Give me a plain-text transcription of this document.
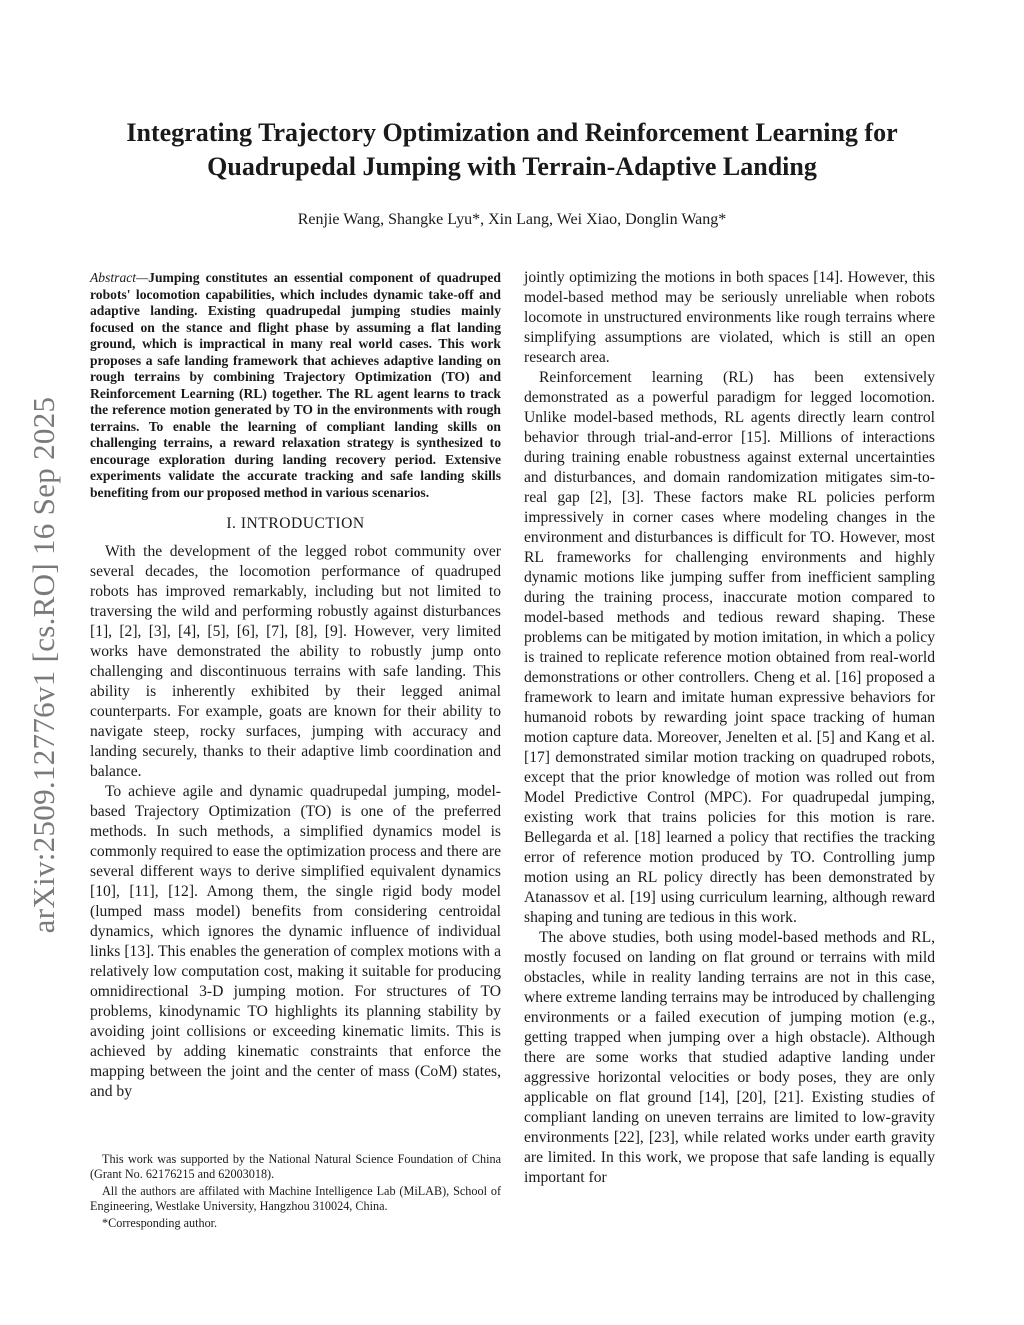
arXiv:2509.12776v1 [cs.RO] 16 Sep 2025
Integrating Trajectory Optimization and Reinforcement Learning for
Quadrupedal Jumping with Terrain-Adaptive Landing
Renjie Wang, Shangke Lyu*, Xin Lang, Wei Xiao, Donglin Wang*

Abstract—Jumping constitutes an essential component of quadruped robots' locomotion capabilities, which includes dynamic take-off and adaptive landing. Existing quadrupedal jumping studies mainly focused on the stance and flight phase by assuming a flat landing ground, which is impractical in many real world cases. This work proposes a safe landing framework that achieves adaptive landing on rough terrains by combining Trajectory Optimization (TO) and Reinforcement Learning (RL) together. The RL agent learns to track the reference motion generated by TO in the environments with rough terrains. To enable the learning of compliant landing skills on challenging terrains, a reward relaxation strategy is synthesized to encourage exploration during landing recovery period. Extensive experiments validate the accurate tracking and safe landing skills benefiting from our proposed method in various scenarios.

I. INTRODUCTION

With the development of the legged robot community over several decades, the locomotion performance of quadruped robots has improved remarkably, including but not limited to traversing the wild and performing robustly against disturbances [1], [2], [3], [4], [5], [6], [7], [8], [9]. However, very limited works have demonstrated the ability to robustly jump onto challenging and discontinuous terrains with safe landing. This ability is inherently exhibited by their legged animal counterparts. For example, goats are known for their ability to navigate steep, rocky surfaces, jumping with accuracy and landing securely, thanks to their adaptive limb coordination and balance.

To achieve agile and dynamic quadrupedal jumping, model-based Trajectory Optimization (TO) is one of the preferred methods. In such methods, a simplified dynamics model is commonly required to ease the optimization process and there are several different ways to derive simplified equivalent dynamics [10], [11], [12]. Among them, the single rigid body model (lumped mass model) benefits from considering centroidal dynamics, which ignores the dynamic influence of individual links [13]. This enables the generation of complex motions with a relatively low computation cost, making it suitable for producing omnidirectional 3-D jumping motion. For structures of TO problems, kinodynamic TO highlights its planning stability by avoiding joint collisions or exceeding kinematic limits. This is achieved by adding kinematic constraints that enforce the mapping between the joint and the center of mass (CoM) states, and by

This work was supported by the National Natural Science Foundation of China (Grant No. 62176215 and 62003018).

All the authors are affilated with Machine Intelligence Lab (MiLAB), School of Engineering, Westlake University, Hangzhou 310024, China.

*Corresponding author.

jointly optimizing the motions in both spaces [14]. However, this model-based method may be seriously unreliable when robots locomote in unstructured environments like rough terrains where simplifying assumptions are violated, which is still an open research area.

Reinforcement learning (RL) has been extensively demonstrated as a powerful paradigm for legged locomotion. Unlike model-based methods, RL agents directly learn control behavior through trial-and-error [15]. Millions of interactions during training enable robustness against external uncertainties and disturbances, and domain randomization mitigates sim-to-real gap [2], [3]. These factors make RL policies perform impressively in corner cases where modeling changes in the environment and disturbances is difficult for TO. However, most RL frameworks for challenging environments and highly dynamic motions like jumping suffer from inefficient sampling during the training process, inaccurate motion compared to model-based methods and tedious reward shaping. These problems can be mitigated by motion imitation, in which a policy is trained to replicate reference motion obtained from real-world demonstrations or other controllers. Cheng et al. [16] proposed a framework to learn and imitate human expressive behaviors for humanoid robots by rewarding joint space tracking of human motion capture data. Moreover, Jenelten et al. [5] and Kang et al. [17] demonstrated similar motion tracking on quadruped robots, except that the prior knowledge of motion was rolled out from Model Predictive Control (MPC). For quadrupedal jumping, existing work that trains policies for this motion is rare. Bellegarda et al. [18] learned a policy that rectifies the tracking error of reference motion produced by TO. Controlling jump motion using an RL policy directly has been demonstrated by Atanassov et al. [19] using curriculum learning, although reward shaping and tuning are tedious in this work.

The above studies, both using model-based methods and RL, mostly focused on landing on flat ground or terrains with mild obstacles, while in reality landing terrains are not in this case, where extreme landing terrains may be introduced by challenging environments or a failed execution of jumping motion (e.g., getting trapped when jumping over a high obstacle). Although there are some works that studied adaptive landing under aggressive horizontal velocities or body poses, they are only applicable on flat ground [14], [20], [21]. Existing studies of compliant landing on uneven terrains are limited to low-gravity environments [22], [23], while related works under earth gravity are limited. In this work, we propose that safe landing is equally important for
